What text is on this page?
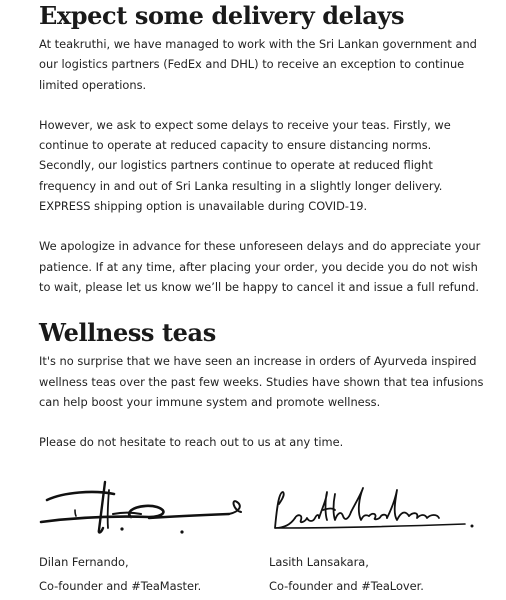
Expect some delivery delays

At teakruthi, we have managed to work with the Sri Lankan government and our logistics partners (FedEx and DHL) to receive an exception to continue limited operations.

However, we ask to expect some delays to receive your teas. Firstly, we continue to operate at reduced capacity to ensure distancing norms. Secondly, our logistics partners continue to operate at reduced flight frequency in and out of Sri Lanka resulting in a slightly longer delivery. EXPRESS shipping option is unavailable during COVID-19.

We apologize in advance for these unforeseen delays and do appreciate your patience. If at any time, after placing your order, you decide you do not wish to wait, please let us know we’ll be happy to cancel it and issue a full refund.

Wellness teas

It's no surprise that we have seen an increase in orders of Ayurveda inspired wellness teas over the past few weeks. Studies have shown that tea infusions can help boost your immune system and promote wellness.

Please do not hesitate to reach out to us at any time.

Dilan Fernando,

Co-founder and #TeaMaster.

Lasith Lansakara,

Co-founder and #TeaLover.
